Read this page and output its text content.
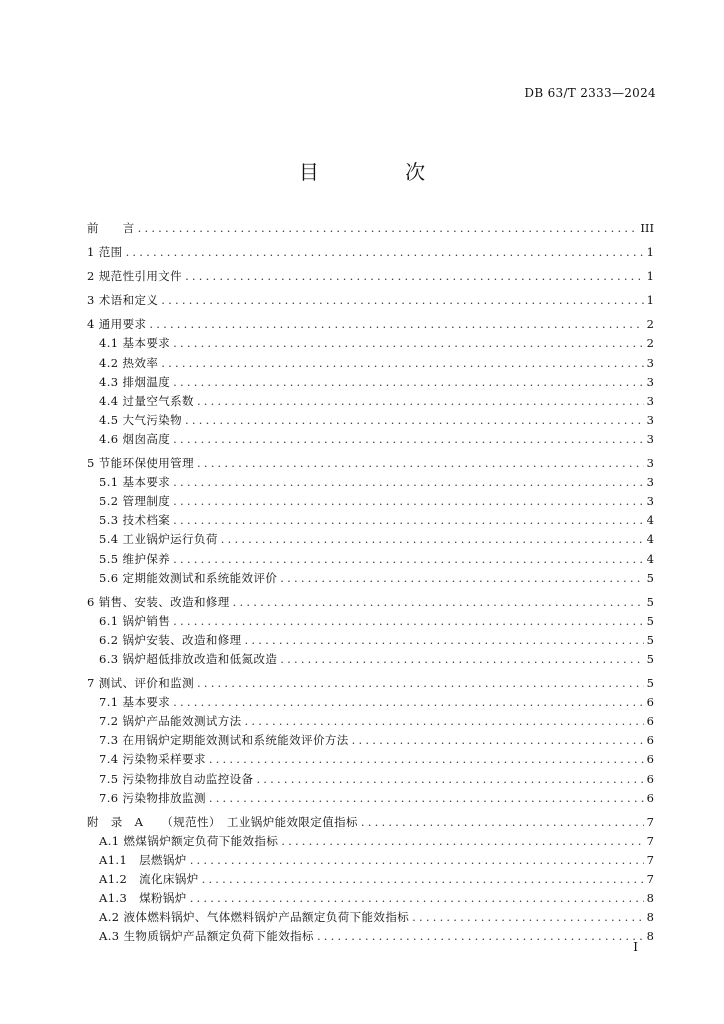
DB 63/T 2333—2024
目 次
前　　言 .....	III
1 范围 .....	1
2 规范性引用文件 .....	1
3 术语和定义 .....	1
4 通用要求 .....	2
4.1 基本要求 .....	2
4.2 热效率 .....	3
4.3 排烟温度 .....	3
4.4 过量空气系数 .....	3
4.5 大气污染物 .....	3
4.6 烟囱高度 .....	3
5 节能环保使用管理 .....	3
5.1 基本要求 .....	3
5.2 管理制度 .....	3
5.3 技术档案 .....	4
5.4 工业锅炉运行负荷 .....	4
5.5 维护保养 .....	4
5.6 定期能效测试和系统能效评价 .....	5
6 销售、安装、改造和修理 .....	5
6.1 锅炉销售 .....	5
6.2 锅炉安装、改造和修理 .....	5
6.3 锅炉超低排放改造和低氮改造 .....	5
7 测试、评价和监测 .....	5
7.1 基本要求 .....	6
7.2 锅炉产品能效测试方法 .....	6
7.3 在用锅炉定期能效测试和系统能效评价方法 .....	6
7.4 污染物采样要求 .....	6
7.5 污染物排放自动监控设备 .....	6
7.6 污染物排放监测 .....	6
附　录　A　　（规范性）　工业锅炉能效限定值指标 .....	7
A.1 燃煤锅炉额定负荷下能效指标 .....	7
A1.1　层燃锅炉 .....	7
A1.2　流化床锅炉 .....	7
A1.3　煤粉锅炉 .....	8
A.2 液体燃料锅炉、气体燃料锅炉产品额定负荷下能效指标 .....	8
A.3 生物质锅炉产品额定负荷下能效指标 .....	8
I
